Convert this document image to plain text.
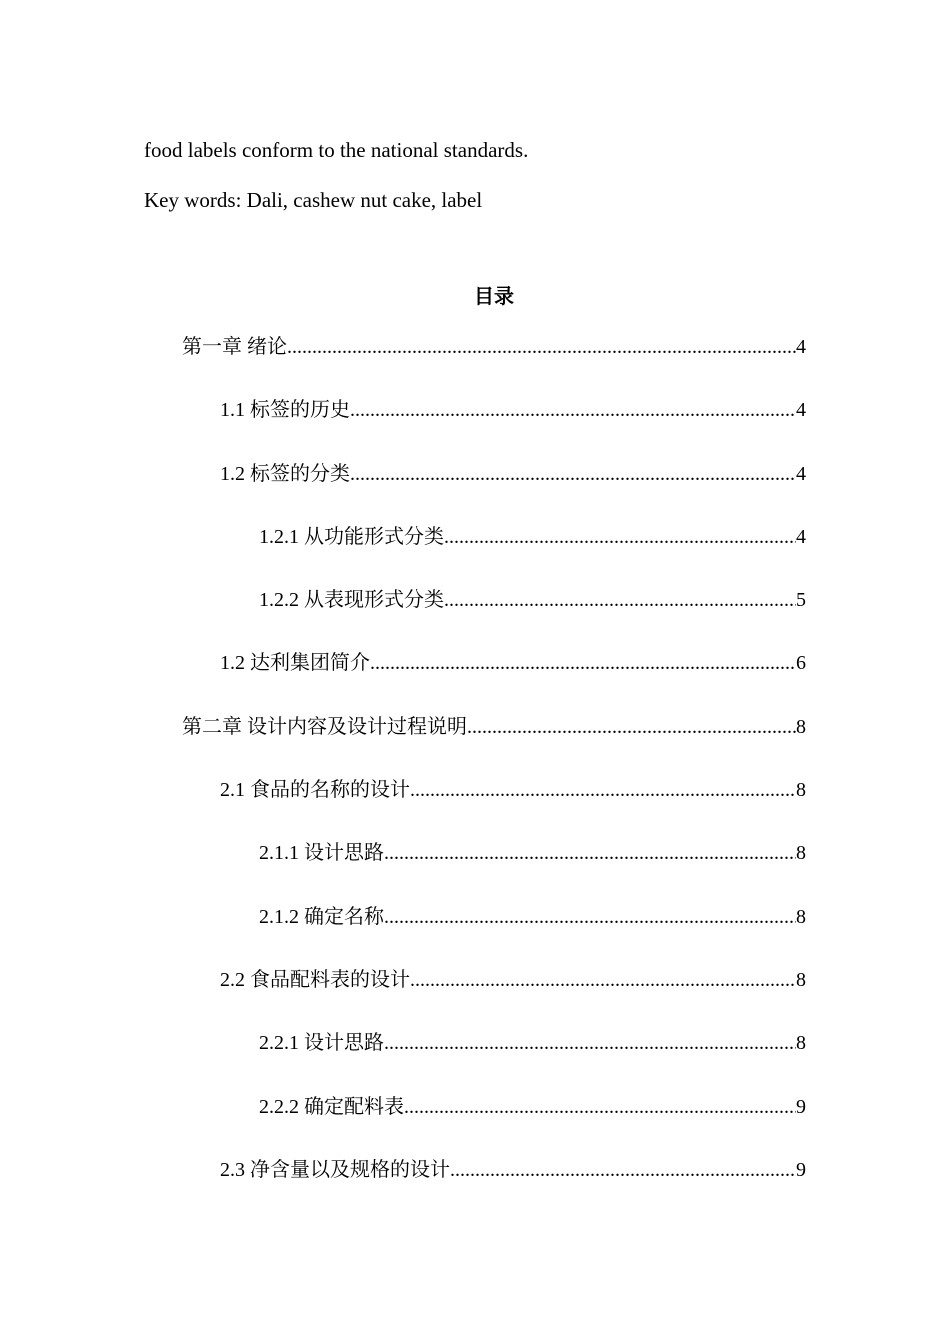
food labels conform to the national standards.
Key words: Dali, cashew nut cake, label
目录
第一章 绪论 .....	4
1.1 标签的历史 .....	4
1.2 标签的分类 .....	4
1.2.1 从功能形式分类 .....	4
1.2.2 从表现形式分类 .....	5
1.2 达利集团简介 .....	6
第二章 设计内容及设计过程说明 .....	8
2.1 食品的名称的设计 .....	8
2.1.1 设计思路 .....	8
2.1.2 确定名称 .....	8
2.2 食品配料表的设计 .....	8
2.2.1 设计思路 .....	8
2.2.2 确定配料表 .....	9
2.3 净含量以及规格的设计 .....	9
